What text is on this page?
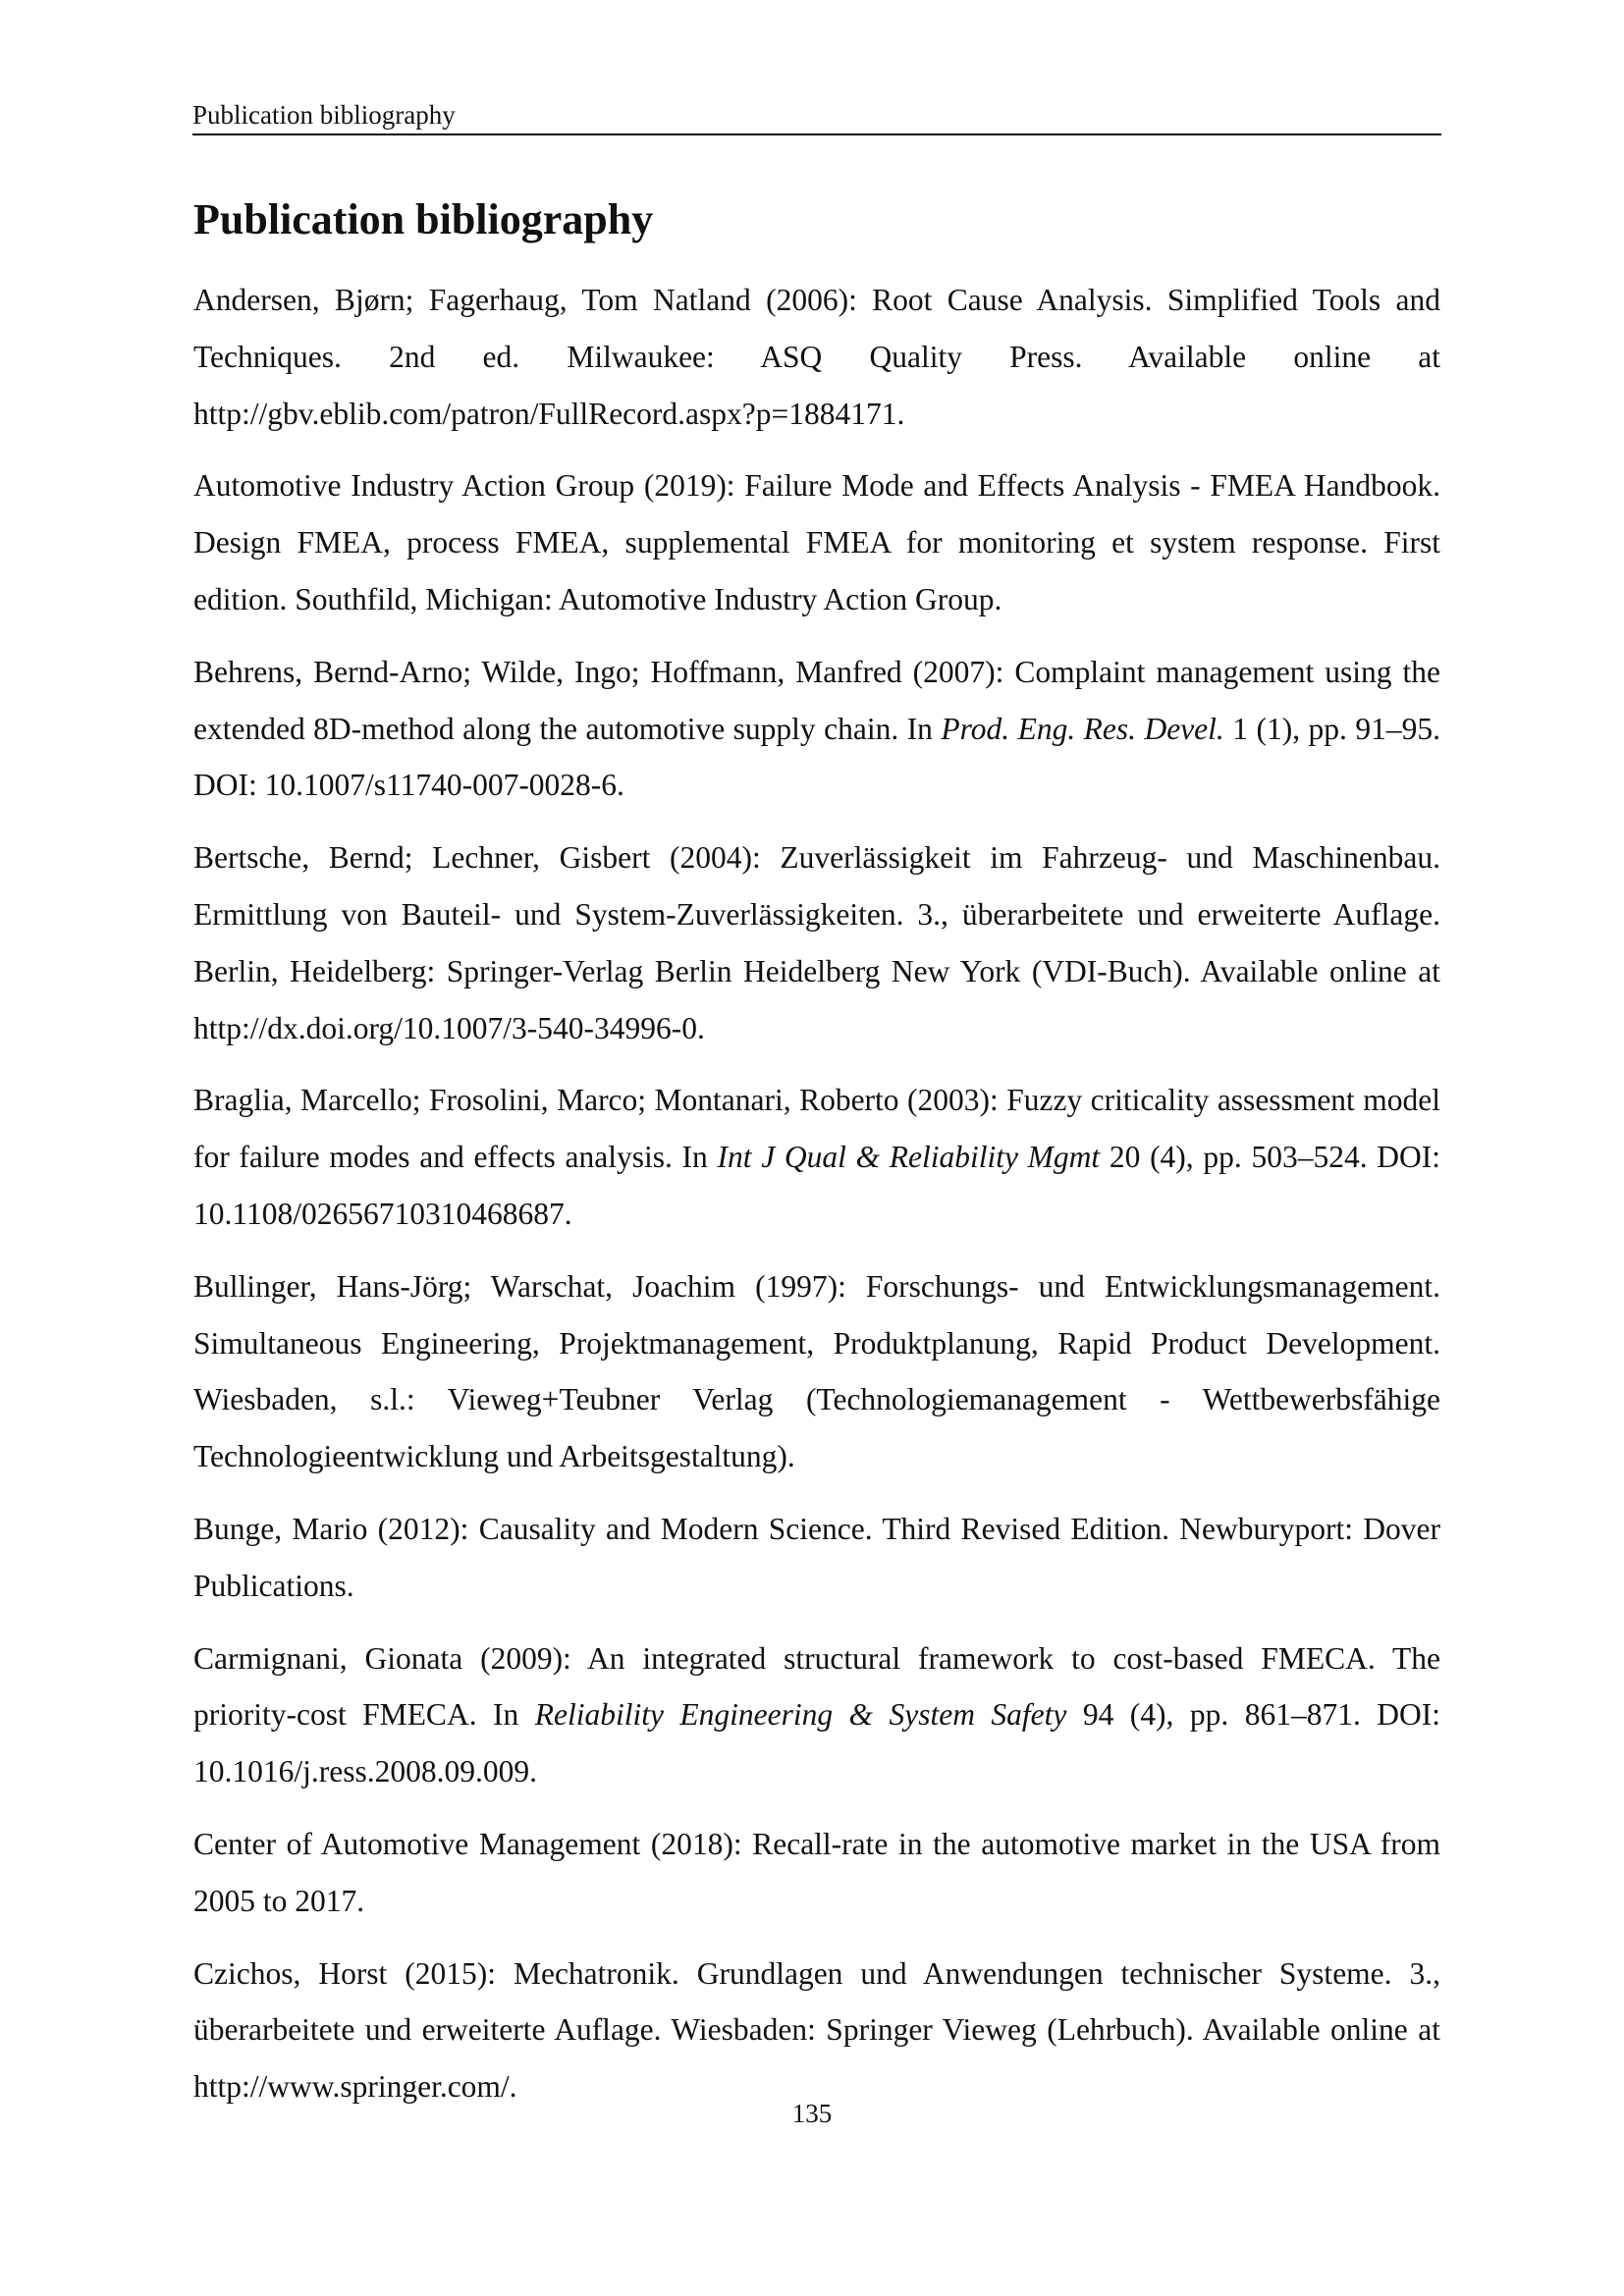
Publication bibliography
Publication bibliography
Andersen, Bjørn; Fagerhaug, Tom Natland (2006): Root Cause Analysis. Simplified Tools and Techniques. 2nd ed. Milwaukee: ASQ Quality Press. Available online at http://gbv.eblib.com/patron/FullRecord.aspx?p=1884171.
Automotive Industry Action Group (2019): Failure Mode and Effects Analysis - FMEA Handbook. Design FMEA, process FMEA, supplemental FMEA for monitoring et system response. First edition. Southfild, Michigan: Automotive Industry Action Group.
Behrens, Bernd-Arno; Wilde, Ingo; Hoffmann, Manfred (2007): Complaint management using the extended 8D-method along the automotive supply chain. In Prod. Eng. Res. Devel. 1 (1), pp. 91–95. DOI: 10.1007/s11740-007-0028-6.
Bertsche, Bernd; Lechner, Gisbert (2004): Zuverlässigkeit im Fahrzeug- und Maschinenbau. Ermittlung von Bauteil- und System-Zuverlässigkeiten. 3., überarbeitete und erweiterte Auflage. Berlin, Heidelberg: Springer-Verlag Berlin Heidelberg New York (VDI-Buch). Available online at http://dx.doi.org/10.1007/3-540-34996-0.
Braglia, Marcello; Frosolini, Marco; Montanari, Roberto (2003): Fuzzy criticality assessment model for failure modes and effects analysis. In Int J Qual & Reliability Mgmt 20 (4), pp. 503–524. DOI: 10.1108/02656710310468687.
Bullinger, Hans-Jörg; Warschat, Joachim (1997): Forschungs- und Entwicklungsmanagement. Simultaneous Engineering, Projektmanagement, Produktplanung, Rapid Product Development. Wiesbaden, s.l.: Vieweg+Teubner Verlag (Technologiemanagement - Wettbewerbsfähige Technologieentwicklung und Arbeitsgestaltung).
Bunge, Mario (2012): Causality and Modern Science. Third Revised Edition. Newburyport: Dover Publications.
Carmignani, Gionata (2009): An integrated structural framework to cost-based FMECA. The priority-cost FMECA. In Reliability Engineering & System Safety 94 (4), pp. 861–871. DOI: 10.1016/j.ress.2008.09.009.
Center of Automotive Management (2018): Recall-rate in the automotive market in the USA from 2005 to 2017.
Czichos, Horst (2015): Mechatronik. Grundlagen und Anwendungen technischer Systeme. 3., überarbeitete und erweiterte Auflage. Wiesbaden: Springer Vieweg (Lehrbuch). Available online at http://www.springer.com/.
135
